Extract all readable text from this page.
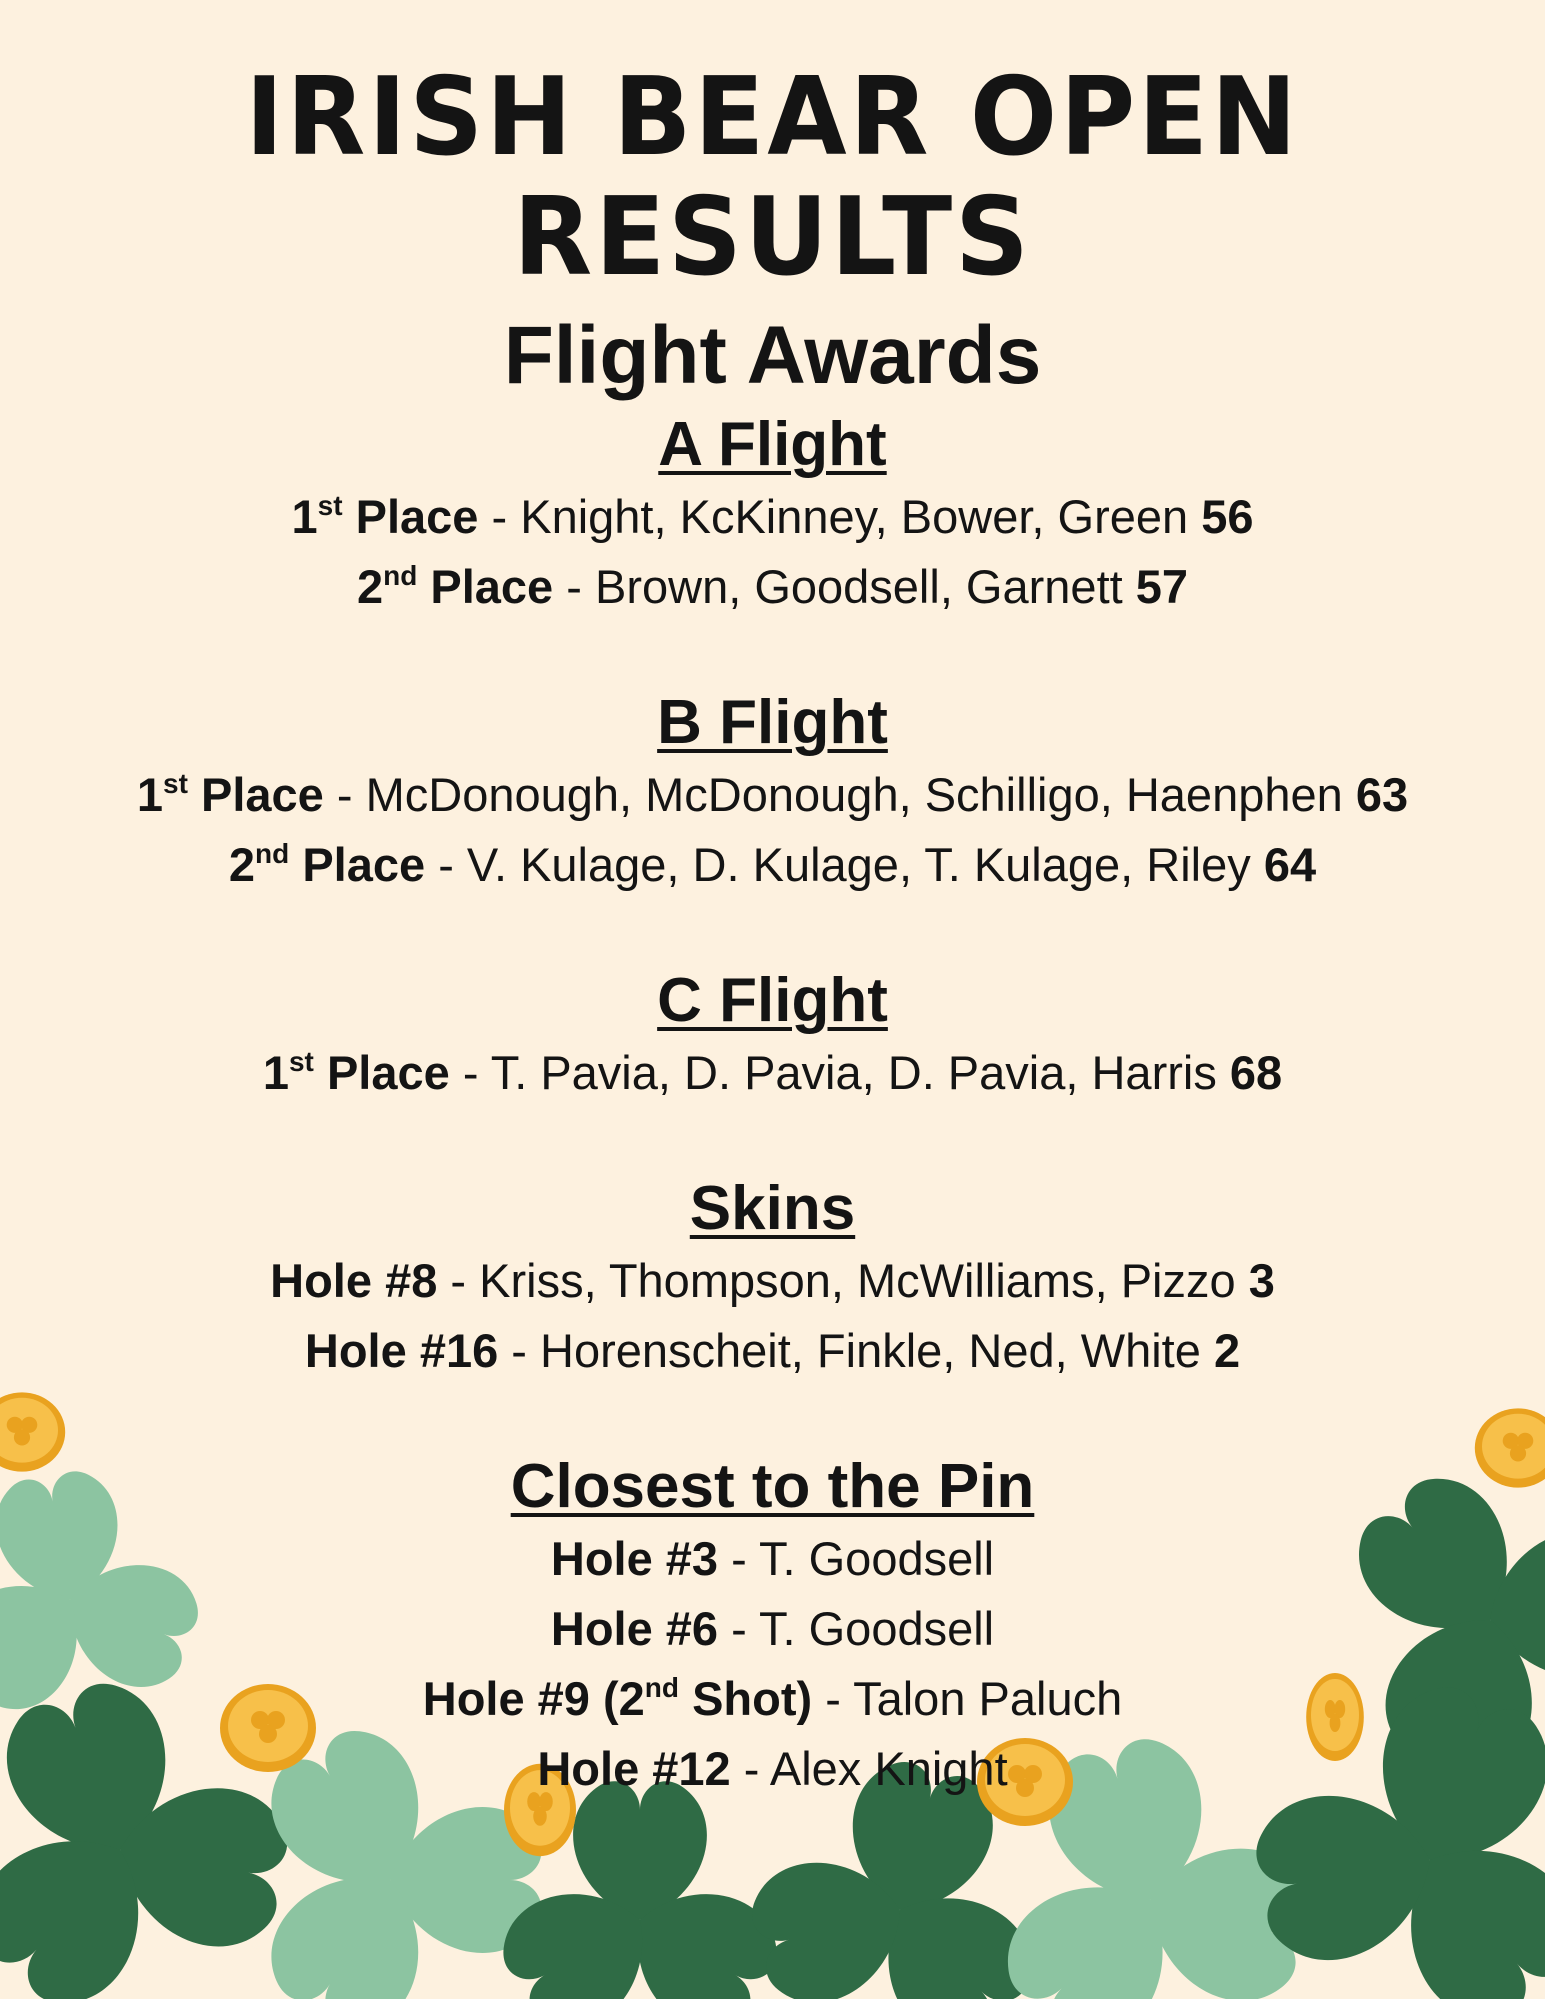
IRISH BEAR OPEN RESULTS
Flight Awards
A Flight

1st Place - Knight, KcKinney, Bower, Green 56

2nd Place - Brown, Goodsell, Garnett 57

B Flight

1st Place - McDonough, McDonough, Schilligo, Haenphen 63

2nd Place - V. Kulage, D. Kulage, T. Kulage, Riley 64

C Flight

1st Place - T. Pavia, D. Pavia, D. Pavia, Harris 68

Skins

Hole #8 - Kriss, Thompson, McWilliams, Pizzo 3

Hole #16 - Horenscheit, Finkle, Ned, White 2

Closest to the Pin

Hole #3 - T. Goodsell

Hole #6 - T. Goodsell

Hole #9 (2nd Shot) - Talon Paluch

Hole #12 - Alex Knight
